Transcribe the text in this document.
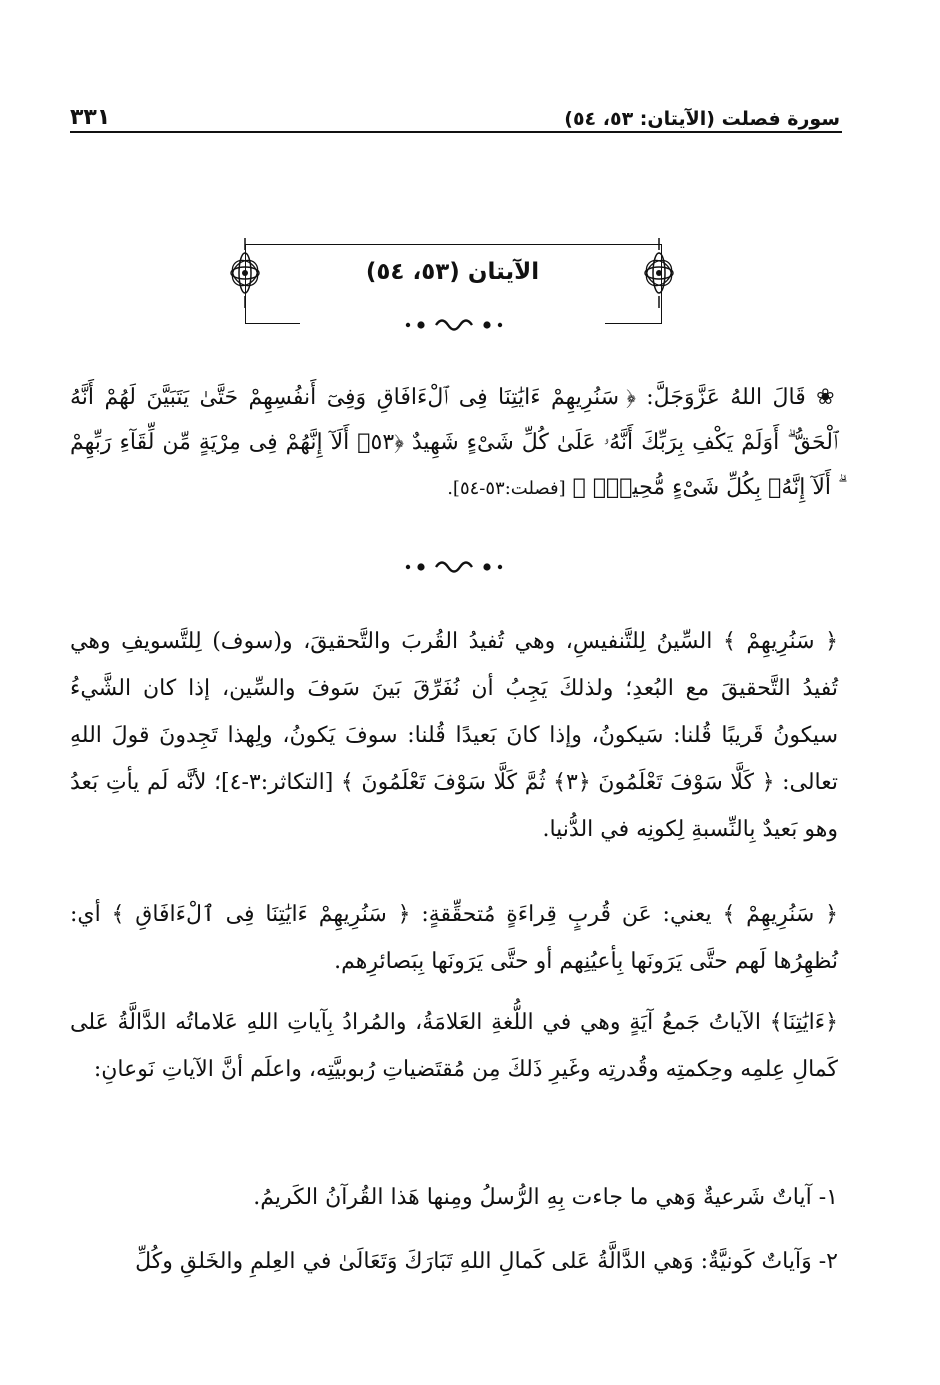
سورة فصلت (الآيتان: ٥٣، ٥٤)
٣٣١
الآيتان (٥٣، ٥٤)

❀ قَالَ اللهُ عَزَّوَجَلَّ: ﴿ سَنُرِيهِمْ ءَايَٰتِنَا فِى ٱلْءَافَاقِ وَفِىٓ أَنفُسِهِمْ حَتَّىٰ يَتَبَيَّنَ لَهُمْ أَنَّهُ ٱلْحَقُّ ۗ أَوَلَمْ يَكْفِ بِرَبِّكَ أَنَّهُۥ عَلَىٰ كُلِّ شَىْءٍ شَهِيدٌ ﴿٥٣﴾ أَلَآ إِنَّهُمْ فِى مِرْيَةٍ مِّن لِّقَآءِ رَبِّهِمْ ۗ أَلَآ إِنَّهُۥ بِكُلِّ شَىْءٍ مُّحِيطٌۢ ﴾ [فصلت:٥٣-٥٤].

﴿ سَنُرِيهِمْ ﴾ السِّينُ لِلتَّنفيسِ، وهي تُفيدُ القُربَ والتَّحقيقَ، و(سوف) لِلتَّسويفِ وهي تُفيدُ التَّحقيقَ مع البُعدِ؛ ولذلكَ يَجِبُ أن نُفَرِّقَ بَينَ سَوفَ والسِّين، إذا كان الشَّيءُ سيكونُ قَريبًا قُلنا: سَيكونُ، وإذا كانَ بَعيدًا قُلنا: سوفَ يَكونُ، ولِهذا تَجِدونَ قولَ اللهِ تعالى: ﴿ كَلَّا سَوْفَ تَعْلَمُونَ ﴿٣﴾ ثُمَّ كَلَّا سَوْفَ تَعْلَمُونَ ﴾ [التكاثر:٣-٤]؛ لأنَّه لَم يأتِ بَعدُ وهو بَعيدٌ بِالنِّسبةِ لِكونِه في الدُّنيا.

﴿ سَنُرِيهِمْ ﴾ يعني: عَن قُربٍ قِراءَةٍ مُتحقِّقةٍ: ﴿ سَنُرِيهِمْ ءَايَٰتِنَا فِى ٱلْءَافَاقِ ﴾ أي: نُظهِرُها لَهم حتَّى يَرَونَها بِأعيُنِهم أو حتَّى يَرَونَها بِبَصائرِهم.

﴿ءَايَٰتِنَا﴾ الآياتُ جَمعُ آيَةٍ وهي في اللُّغةِ العَلامَةُ، والمُرادُ بِآياتِ اللهِ عَلاماتُه الدَّالَّةُ عَلى كَمالِ عِلمِه وحِكمتِه وقُدرتِه وغَيرِ ذَلكَ مِن مُقتَضياتِ رُبوبيَّتِه، واعلَم أنَّ الآياتِ نَوعانِ:

١- آياتٌ شَرعيةٌ وَهي ما جاءت بِهِ الرُّسلُ ومِنها هَذا القُرآنُ الكَريمُ.

٢- وَآياتٌ كَونيَّةٌ: وَهي الدَّالَّةُ عَلى كَمالِ اللهِ تَبَارَكَ وَتَعَالَىٰ في العِلمِ والخَلقِ وكُلِّ
